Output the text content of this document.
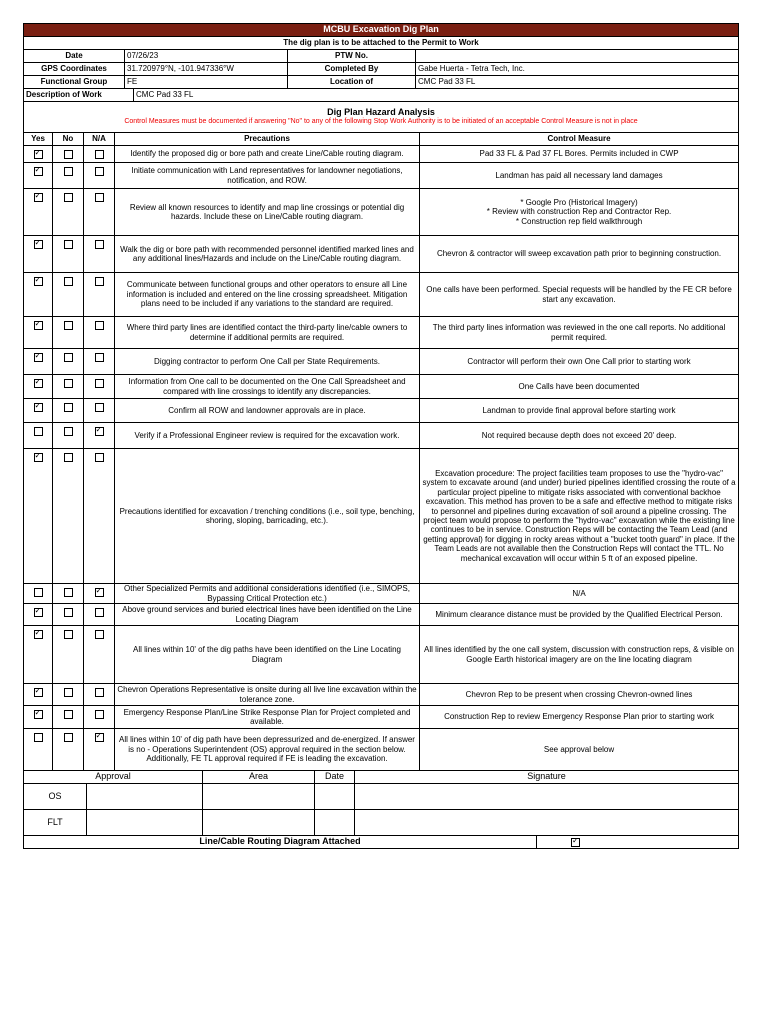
MCBU Excavation Dig Plan			
The dig plan is to be attached to the Permit to Work			
Date	07/26/23	PTW No.	
GPS Coordinates	31.720979°N, -101.947336°W	Completed By	Gabe Huerta - Tetra Tech, Inc.
Functional Group	FE	Location of	CMC Pad 33 FL
Description of Work	CMC Pad 33 FL
Dig Plan Hazard Analysis
Control Measures must be documented if answering "No" to any of the following Stop Work Authority is to be initiated of an acceptable Control Measure is not in place				

Yes	No	N/A	Precautions	Control Measure

✓			Identify the proposed dig or bore path and create Line/Cable routing diagram.	Pad 33 FL & Pad 37 FL Bores. Permits included in CWP

✓			Initiate communication with Land representatives for landowner negotiations, notification, and ROW.	Landman has paid all necessary land damages

✓			Review all known resources to identify and map line crossings or potential dig hazards. Include these on Line/Cable routing diagram.	* Google Pro (Historical Imagery)
* Review with construction Rep and Contractor Rep.
* Construction rep field walkthrough

✓			Walk the dig or bore path with recommended personnel identified marked lines and any additional lines/Hazards and include on the Line/Cable routing diagram.	Chevron & contractor will sweep excavation path prior to beginning construction.

✓			Communicate between functional groups and other operators to ensure all Line information is included and entered on the line crossing spreadsheet. Mitigation plans need to be included if any variations to the standard are required.	One calls have been performed. Special requests will be handled by the FE CR before start any excavation.

✓			Where third party lines are identified contact the third-party line/cable owners to determine if additional permits are required.	The third party lines information was reviewed in the one call reports. No additional permit required.

✓			Digging contractor to perform One Call per State Requirements.	Contractor will perform their own One Call prior to starting work

✓			Information from One call to be documented on the One Call Spreadsheet and compared with line crossings to identify any discrepancies.	One Calls have been documented

✓			Confirm all ROW and landowner approvals are in place.	Landman to provide final approval before starting work

		✓	Verify if a Professional Engineer review is required for the excavation work.	Not required because depth does not exceed 20' deep.

✓			Precautions identified for excavation / trenching conditions (i.e., soil type, benching, shoring, sloping, barricading, etc.).	Excavation procedure: The project facilities team proposes to use the "hydro-vac" system to excavate around (and under) buried pipelines identified crossing the route of a particular project pipeline to mitigate risks associated with conventional backhoe excavation. This method has proven to be a safe and effective method to mitigate risks to personnel and pipelines during excavation of soil around a pipeline crossing. The project team would propose to perform the "hydro-vac" excavation while the existing line continues to be in service. Construction Reps will be contacting the Team Lead (and getting approval) for digging in rocky areas without a "bucket tooth guard" in place. If the Team Leads are not available then the Construction Reps will contact the TTL. No mechanical excavation will occur within 5 ft of an exposed pipeline.

		✓	Other Specialized Permits and additional considerations identified (i.e., SIMOPS, Bypassing Critical Protection etc.)	N/A

✓			Above ground services and buried electrical lines have been identified on the Line Locating Diagram	Minimum clearance distance must be provided by the Qualified Electrical Person.

✓			All lines within 10' of the dig paths have been identified on the Line Locating Diagram	All lines identified by the one call system, discussion with construction reps, & visible on Google Earth historical imagery are on the line locating diagram

✓			Chevron Operations Representative is onsite during all live line excavation within the tolerance zone.	Chevron Rep to be present when crossing Chevron-owned lines

✓			Emergency Response Plan/Line Strike Response Plan for Project completed and available.	Construction Rep to review Emergency Response Plan prior to starting work

		✓	All lines within 10' of dig path have been depressurized and de-energized. If answer is no - Operations Superintendent (OS) approval required in the section below. Additionally, FE TL approval required if FE is leading the excavation.	See approval below
Approval		Area	Date	Signature
OS				
FLT				
Line/Cable Routing Diagram Attached	✓
